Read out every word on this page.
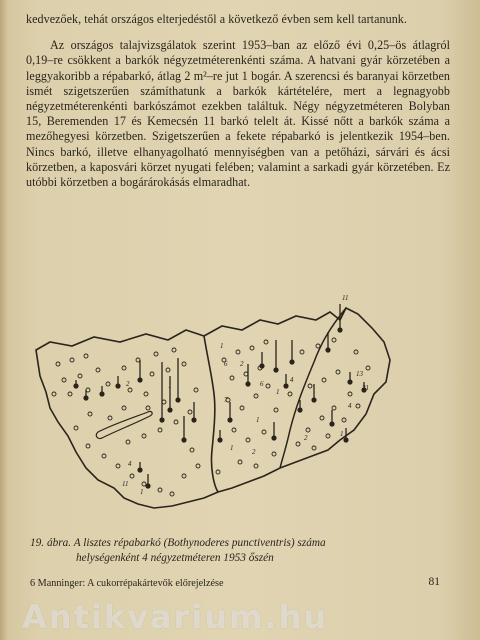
kedvezőek, tehát országos elterjedéstől a következő évben sem kell tartanunk.

Az országos talajvizsgálatok szerint 1953–ban az előző évi 0,25–ös átlagról 0,19–re csökkent a barkók négyzetméterenkénti száma. A hatvani gyár körzetében a leggyakoribb a répabarkó, átlag 2 m²–re jut 1 bogár. A szerencsi és baranyai körzetben ismét szigetszerűen számíthatunk a barkók kártételére, mert a legnagyobb négyzetméterenkénti barkószámot ezekben találtuk. Négy négyzetméteren Bolyban 15, Beremenden 17 és Kemecsén 11 barkó telelt át. Kissé nőtt a barkók száma a mezőhegyesi körzetben. Szigetszerűen a fekete répabarkó is jelentkezik 1954–ben. Nincs barkó, illetve elhanyagolható mennyiségben van a petőházi, sárvári és ácsi körzetben, a kaposvári körzet nyugati felében; valamint a sarkadi gyár körzetében. Ez utóbbi körzetben a bogárárokásás elmaradhat.

11
1
6 2
6
1
4
7
13
4
1
1	2
2	21
4
11
1
1
1
2
19. ábra. A lisztes répabarkó (Bothynoderes punctiventris) száma
helységenként 4 négyzetméteren 1953 őszén
6 Manninger: A cukorrépakártevők előrejelzése	81
Antikvarium.hu
